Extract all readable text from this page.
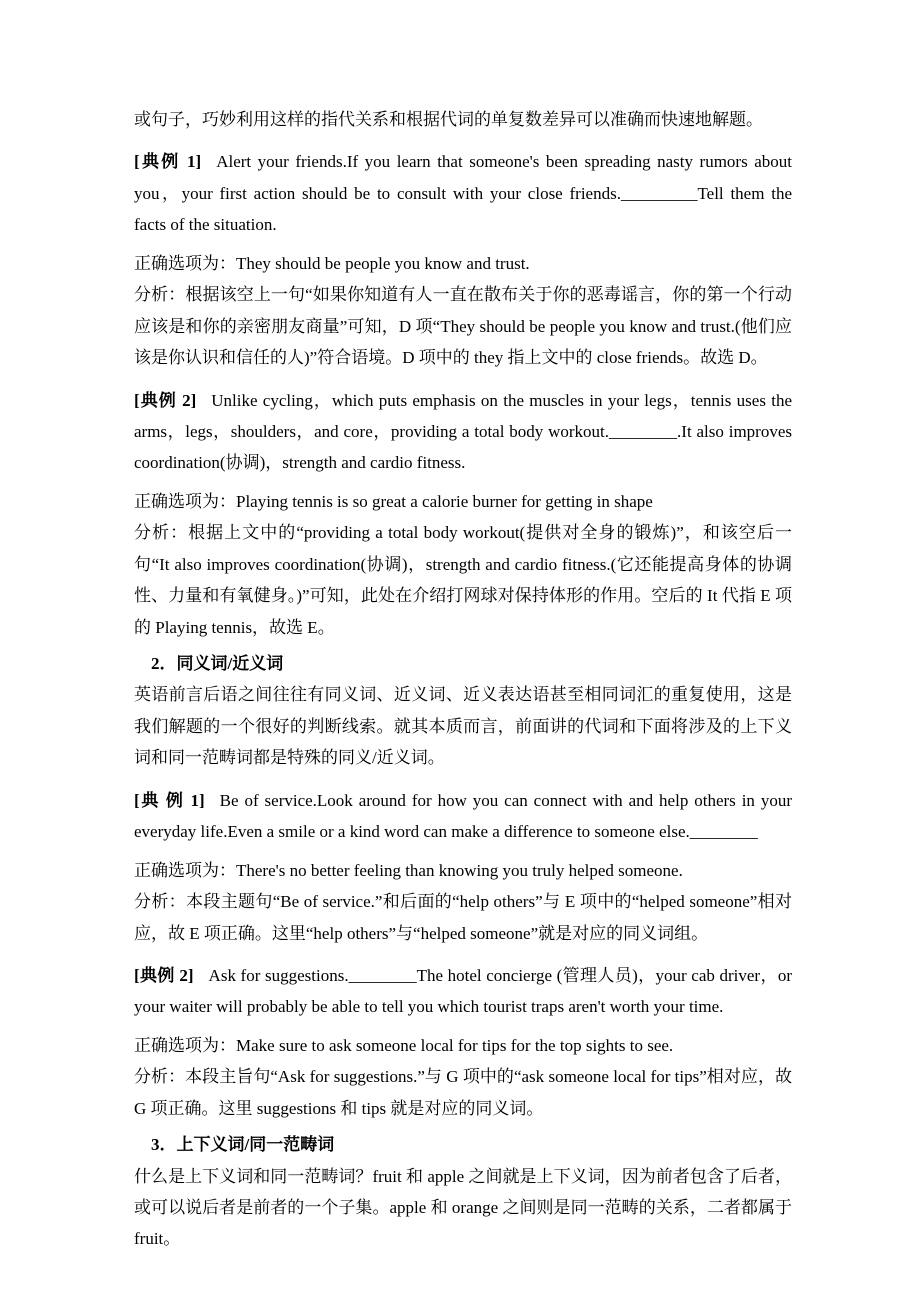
或句子，巧妙利用这样的指代关系和根据代词的单复数差异可以准确而快速地解题。

[典例 1] Alert your friends.If you learn that someone's been spreading nasty rumors about you，your first action should be to consult with your close friends._________Tell them the facts of the situation.

正确选项为：They should be people you know and trust.

分析：根据该空上一句“如果你知道有人一直在散布关于你的恶毒谣言，你的第一个行动应该是和你的亲密朋友商量”可知，D 项“They should be people you know and trust.(他们应该是你认识和信任的人)”符合语境。D 项中的 they 指上文中的 close friends。故选 D。

[典例 2] Unlike cycling，which puts emphasis on the muscles in your legs，tennis uses the arms，legs，shoulders，and core，providing a total body workout.________.It also improves coordination(协调)，strength and cardio fitness.

正确选项为：Playing tennis is so great a calorie burner for getting in shape

分析：根据上文中的“providing a total body workout(提供对全身的锻炼)”，和该空后一句“It also improves coordination(协调)，strength and cardio fitness.(它还能提高身体的协调性、力量和有氧健身。)”可知，此处在介绍打网球对保持体形的作用。空后的 It 代指 E 项的 Playing tennis，故选 E。

2．同义词/近义词

英语前言后语之间往往有同义词、近义词、近义表达语甚至相同词汇的重复使用，这是我们解题的一个很好的判断线索。就其本质而言，前面讲的代词和下面将涉及的上下义词和同一范畴词都是特殊的同义/近义词。

[典 例 1] Be of service.Look around for how you can connect with and help others in your everyday life.Even a smile or a kind word can make a difference to someone else.________

正确选项为：There's no better feeling than knowing you truly helped someone.

分析：本段主题句“Be of service.”和后面的“help others”与 E 项中的“helped someone”相对应，故 E 项正确。这里“help others”与“helped someone”就是对应的同义词组。

[典例 2] Ask for suggestions.________The hotel concierge (管理人员)，your cab driver，or your waiter will probably be able to tell you which tourist traps aren't worth your time.

正确选项为：Make sure to ask someone local for tips for the top sights to see.

分析：本段主旨句“Ask for suggestions.”与 G 项中的“ask someone local for tips”相对应，故 G 项正确。这里 suggestions 和 tips 就是对应的同义词。

3．上下义词/同一范畴词

什么是上下义词和同一范畴词？fruit 和 apple 之间就是上下义词，因为前者包含了后者，或可以说后者是前者的一个子集。apple 和 orange 之间则是同一范畴的关系，二者都属于 fruit。
